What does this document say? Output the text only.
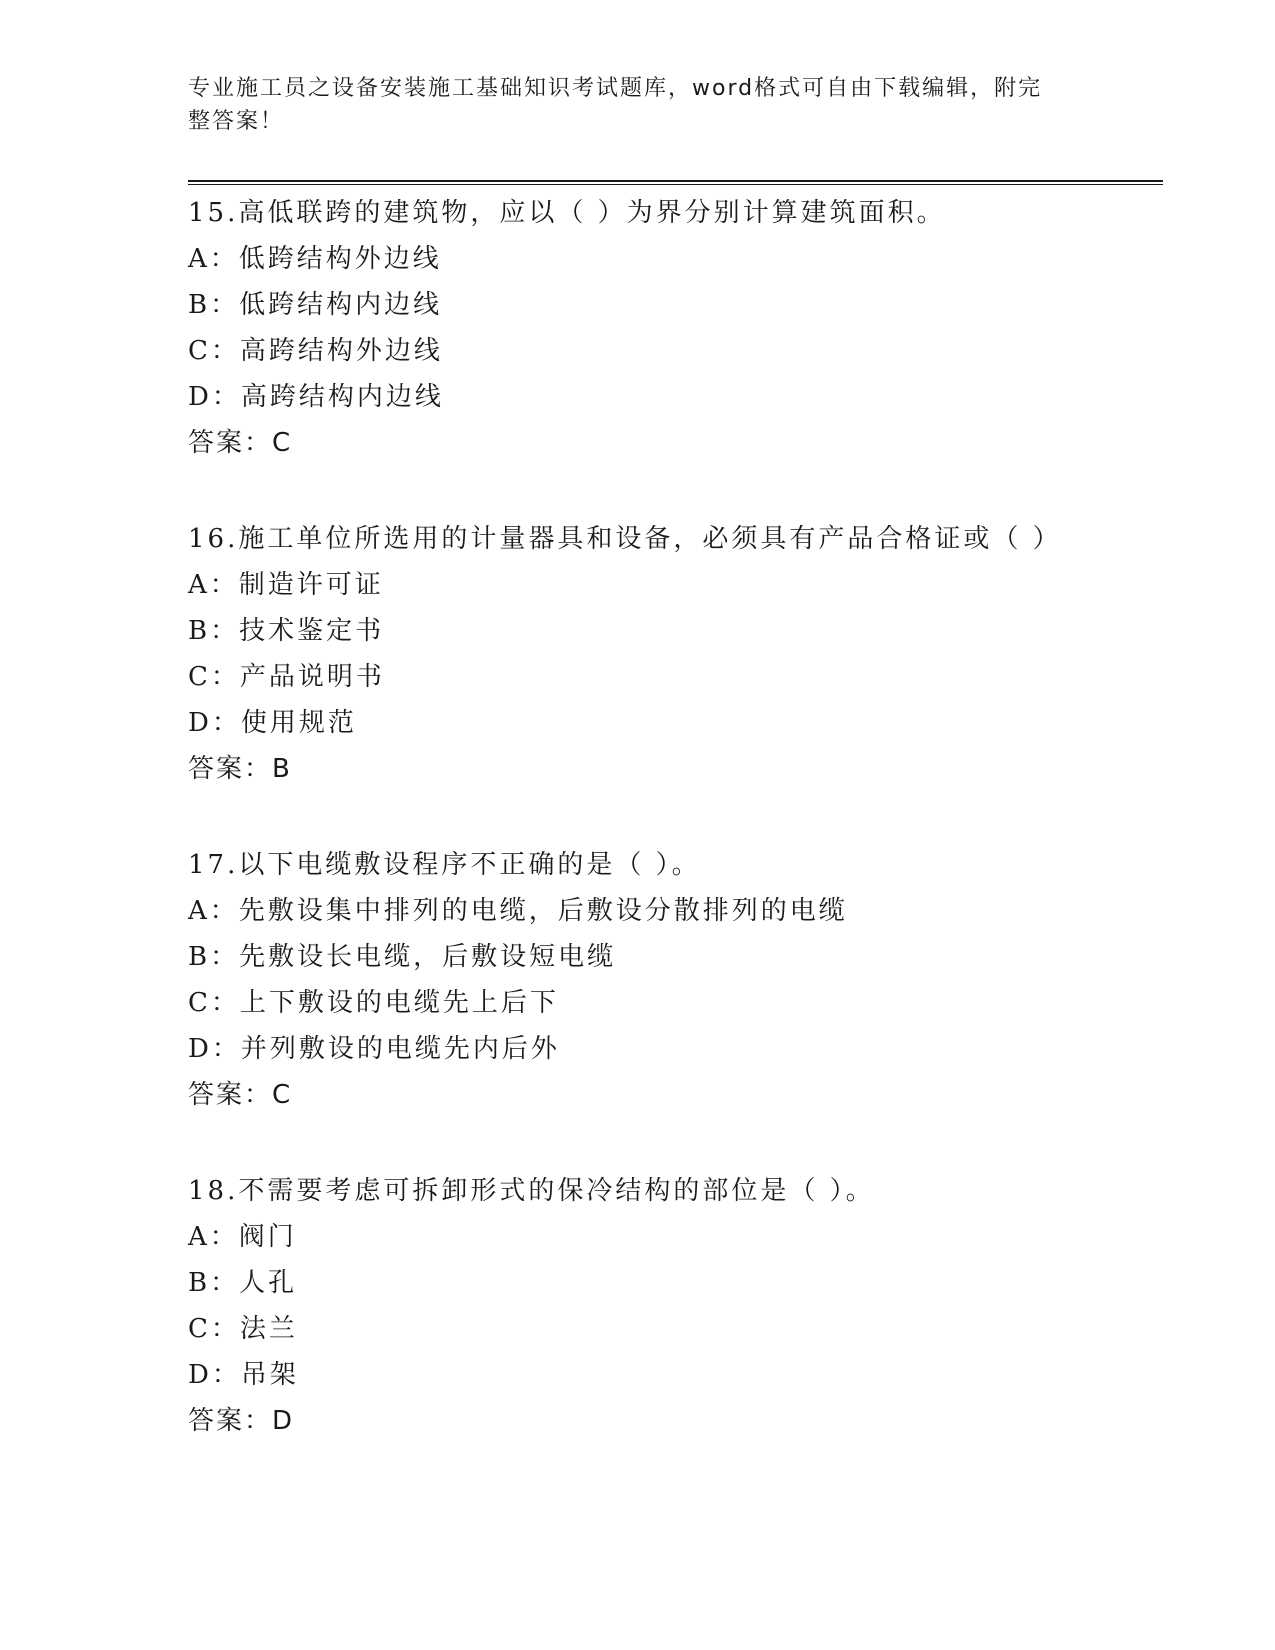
专业施工员之设备安装施工基础知识考试题库，word格式可自由下载编辑，附完
整答案！
15.高低联跨的建筑物，应以（ ）为界分别计算建筑面积。
A：低跨结构外边线
B：低跨结构内边线
C：高跨结构外边线
D：高跨结构内边线
答案：C
16.施工单位所选用的计量器具和设备，必须具有产品合格证或（ ）
A：制造许可证
B：技术鉴定书
C：产品说明书
D：使用规范
答案：B
17.以下电缆敷设程序不正确的是（ ）。
A：先敷设集中排列的电缆，后敷设分散排列的电缆
B：先敷设长电缆，后敷设短电缆
C：上下敷设的电缆先上后下
D：并列敷设的电缆先内后外
答案：C
18.不需要考虑可拆卸形式的保冷结构的部位是（ ）。
A：阀门
B：人孔
C：法兰
D：吊架
答案：D
